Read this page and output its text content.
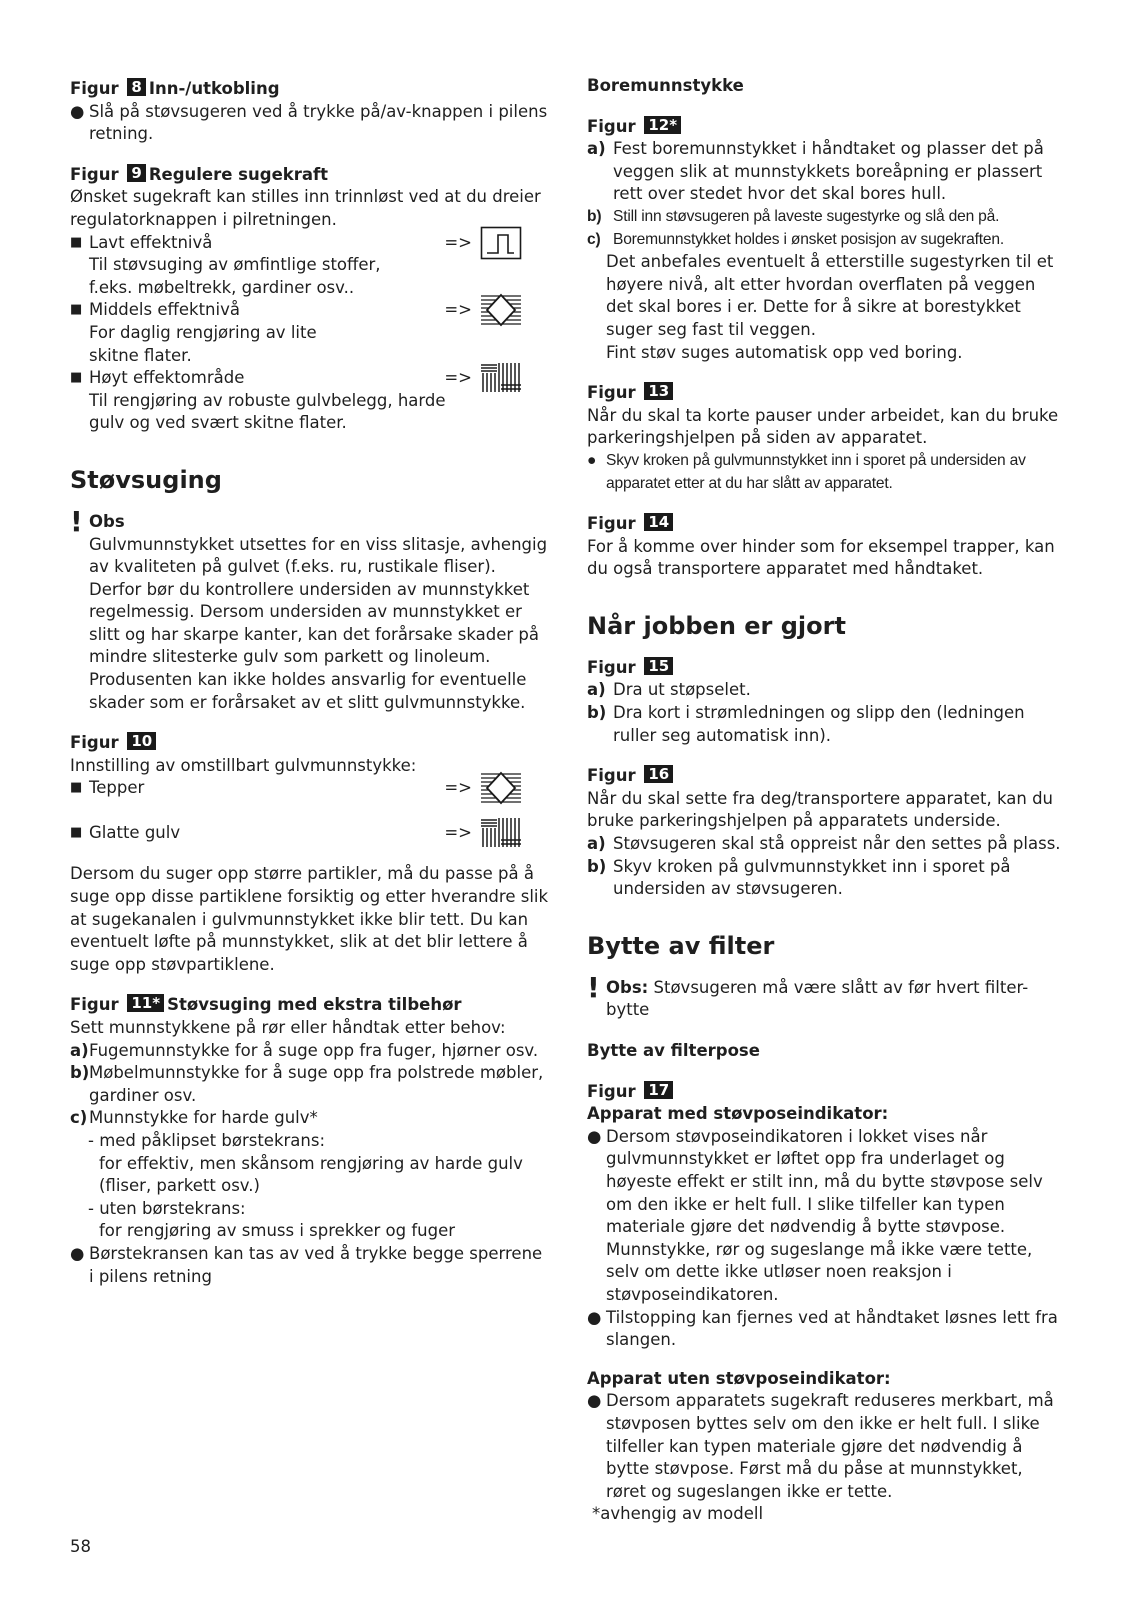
Figur 8 Inn-/utkobling

● Slå på støvsugeren ved å trykke på/av-knappen i pilens retning.

Figur 9 Regulere sugekraft

Ønsket sugekraft kan stilles inn trinnløst ved at du dreier regulatorknappen i pilretningen.

■ Lavt effektnivå
Til støvsuging av ømfintlige stoffer,
f.eks. møbeltrekk, gardiner osv..
=>
■ Middels effektnivå
For daglig rengjøring av lite
skitne flater.
=>
■ Høyt effektområde
Til rengjøring av robuste gulvbelegg, harde
gulv og ved svært skitne flater.
=>
Støvsuging
! Obs

Gulvmunnstykket utsettes for en viss slitasje, avhengig av kvaliteten på gulvet (f.eks. ru, rustikale fliser). Derfor bør du kontrollere undersiden av munnstykket regelmessig. Dersom undersiden av munnstykket er slitt og har skarpe kanter, kan det forårsake skader på mindre slitesterke gulv som parkett og linoleum. Produsenten kan ikke holdes ansvarlig for eventuelle skader som er forårsaket av et slitt gulvmunnstykke.

Figur 10

Innstilling av omstillbart gulvmunnstykke:

■ Tepper	=>
■ Glatte gulv	=>

Dersom du suger opp større partikler, må du passe på å suge opp disse partiklene forsiktig og etter hverandre slik at sugekanalen i gulvmunnstykket ikke blir tett. Du kan eventuelt løfte på munnstykket, slik at det blir lettere å suge opp støvpartiklene.

Figur 11* Støvsuging med ekstra tilbehør

Sett munnstykkene på rør eller håndtak etter behov:

a) Fugemunnstykke for å suge opp fra fuger, hjørner osv.

b) Møbelmunnstykke for å suge opp fra polstrede møbler, gardiner osv.

c) Munnstykke for harde gulv*

- med påklipset børstekrans:

for effektiv, men skånsom rengjøring av harde gulv (fliser, parkett osv.)

- uten børstekrans:

for rengjøring av smuss i sprekker og fuger

● Børstekransen kan tas av ved å trykke begge sperrene i pilens retning

Boremunnstykke

Figur 12*

a) Fest boremunnstykket i håndtaket og plasser det på veggen slik at munnstykkets boreåpning er plassert rett over stedet hvor det skal bores hull.

b) Still inn støvsugeren på laveste sugestyrke og slå den på.

c) Boremunnstykket holdes i ønsket posisjon av sugekraften.

Det anbefales eventuelt å etterstille sugestyrken til et høyere nivå, alt etter hvordan overflaten på veggen det skal bores i er. Dette for å sikre at borestykket suger seg fast til veggen.

Fint støv suges automatisk opp ved boring.

Figur 13

Når du skal ta korte pauser under arbeidet, kan du bruke parkeringshjelpen på siden av apparatet.

● Skyv kroken på gulvmunnstykket inn i sporet på undersiden av apparatet etter at du har slått av apparatet.

Figur 14

For å komme over hinder som for eksempel trapper, kan du også transportere apparatet med håndtaket.

Når jobben er gjort

Figur 15

a) Dra ut støpselet.

b) Dra kort i strømledningen og slipp den (ledningen ruller seg automatisk inn).

Figur 16

Når du skal sette fra deg/transportere apparatet, kan du bruke parkeringshjelpen på apparatets underside.

a) Støvsugeren skal stå oppreist når den settes på plass.

b) Skyv kroken på gulvmunnstykket inn i sporet på undersiden av støvsugeren.

Bytte av filter
! Obs: Støvsugeren må være slått av før hvert filter-bytte

Bytte av filterpose

Figur 17

Apparat med støvposeindikator:

● Dersom støvposeindikatoren i lokket vises når gulvmunnstykket er løftet opp fra underlaget og høyeste effekt er stilt inn, må du bytte støvpose selv om den ikke er helt full. I slike tilfeller kan typen materiale gjøre det nødvendig å bytte støvpose. Munnstykke, rør og sugeslange må ikke være tette, selv om dette ikke utløser noen reaksjon i støvposeindikatoren.

● Tilstopping kan fjernes ved at håndtaket løsnes lett fra slangen.

Apparat uten støvposeindikator:

● Dersom apparatets sugekraft reduseres merkbart, må støvposen byttes selv om den ikke er helt full. I slike tilfeller kan typen materiale gjøre det nødvendig å bytte støvpose. Først må du påse at munnstykket, røret og sugeslangen ikke er tette.

*avhengig av modell

58
